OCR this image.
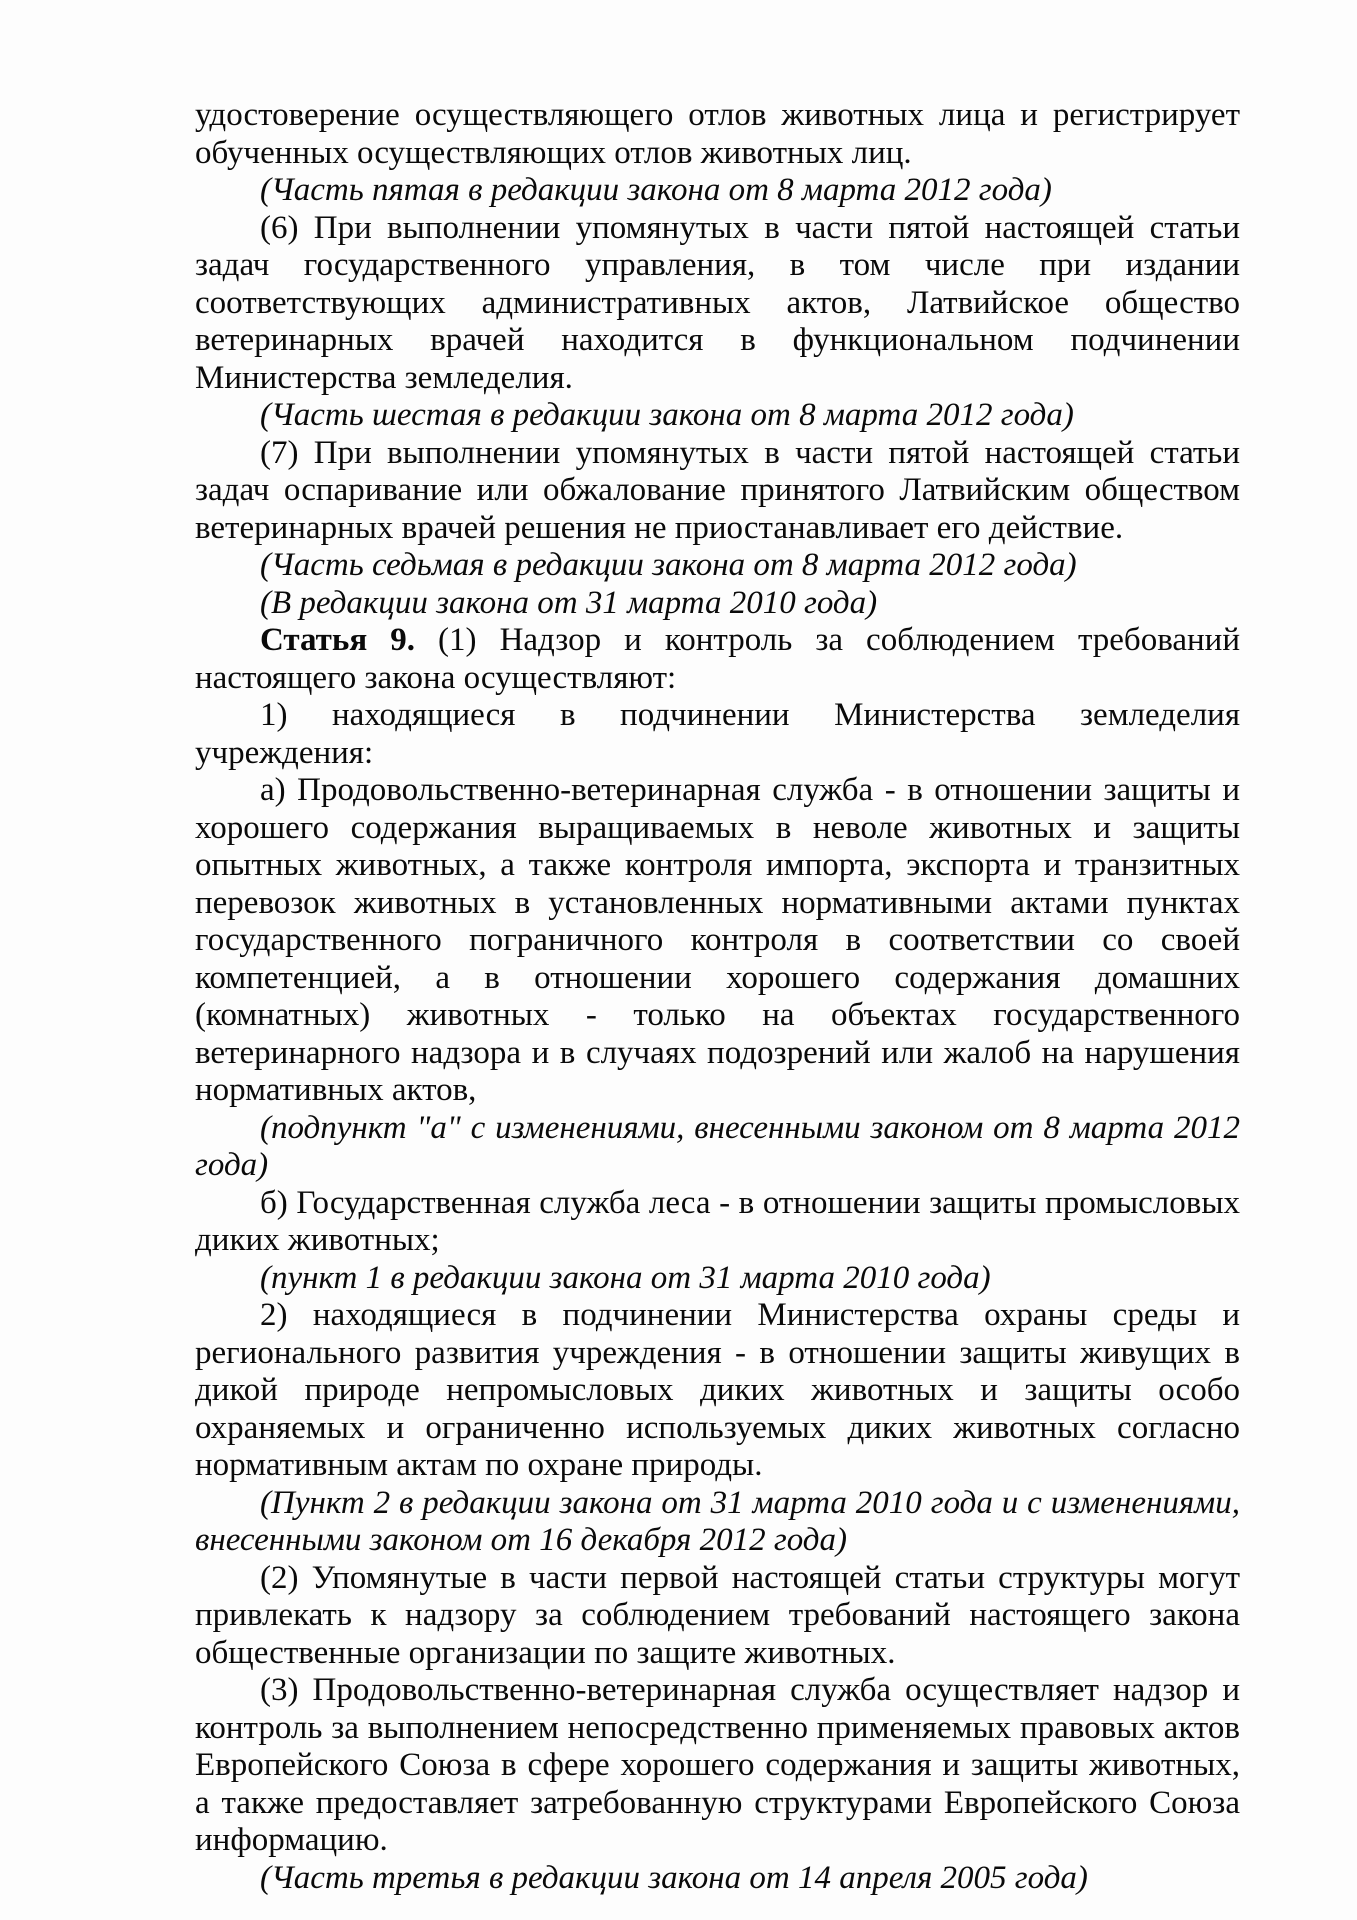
удостоверение осуществляющего отлов животных лица и регистрирует обученных осуществляющих отлов животных лиц.

(Часть пятая в редакции закона от 8 марта 2012 года)

(6) При выполнении упомянутых в части пятой настоящей статьи задач государственного управления, в том числе при издании соответствующих административных актов, Латвийское общество ветеринарных врачей находится в функциональном подчинении Министерства земледелия.

(Часть шестая в редакции закона от 8 марта 2012 года)

(7) При выполнении упомянутых в части пятой настоящей статьи задач оспаривание или обжалование принятого Латвийским обществом ветеринарных врачей решения не приостанавливает его действие.

(Часть седьмая в редакции закона от 8 марта 2012 года)

(В редакции закона от 31 марта 2010 года)

Статья 9. (1) Надзор и контроль за соблюдением требований настоящего закона осуществляют:

1) находящиеся в подчинении Министерства земледелия учреждения:

а) Продовольственно-ветеринарная служба - в отношении защиты и хорошего содержания выращиваемых в неволе животных и защиты опытных животных, а также контроля импорта, экспорта и транзитных перевозок животных в установленных нормативными актами пунктах государственного пограничного контроля в соответствии со своей компетенцией, а в отношении хорошего содержания домашних (комнатных) животных - только на объектах государственного ветеринарного надзора и в случаях подозрений или жалоб на нарушения нормативных актов,

(подпункт "а" с изменениями, внесенными законом от 8 марта 2012 года)

б) Государственная служба леса - в отношении защиты промысловых диких животных;

(пункт 1 в редакции закона от 31 марта 2010 года)

2) находящиеся в подчинении Министерства охраны среды и регионального развития учреждения - в отношении защиты живущих в дикой природе непромысловых диких животных и защиты особо охраняемых и ограниченно используемых диких животных согласно нормативным актам по охране природы.

(Пункт 2 в редакции закона от 31 марта 2010 года и с изменениями, внесенными законом от 16 декабря 2012 года)

(2) Упомянутые в части первой настоящей статьи структуры могут привлекать к надзору за соблюдением требований настоящего закона общественные организации по защите животных.

(3) Продовольственно-ветеринарная служба осуществляет надзор и контроль за выполнением непосредственно применяемых правовых актов Европейского Союза в сфере хорошего содержания и защиты животных, а также предоставляет затребованную структурами Европейского Союза информацию.

(Часть третья в редакции закона от 14 апреля 2005 года)
